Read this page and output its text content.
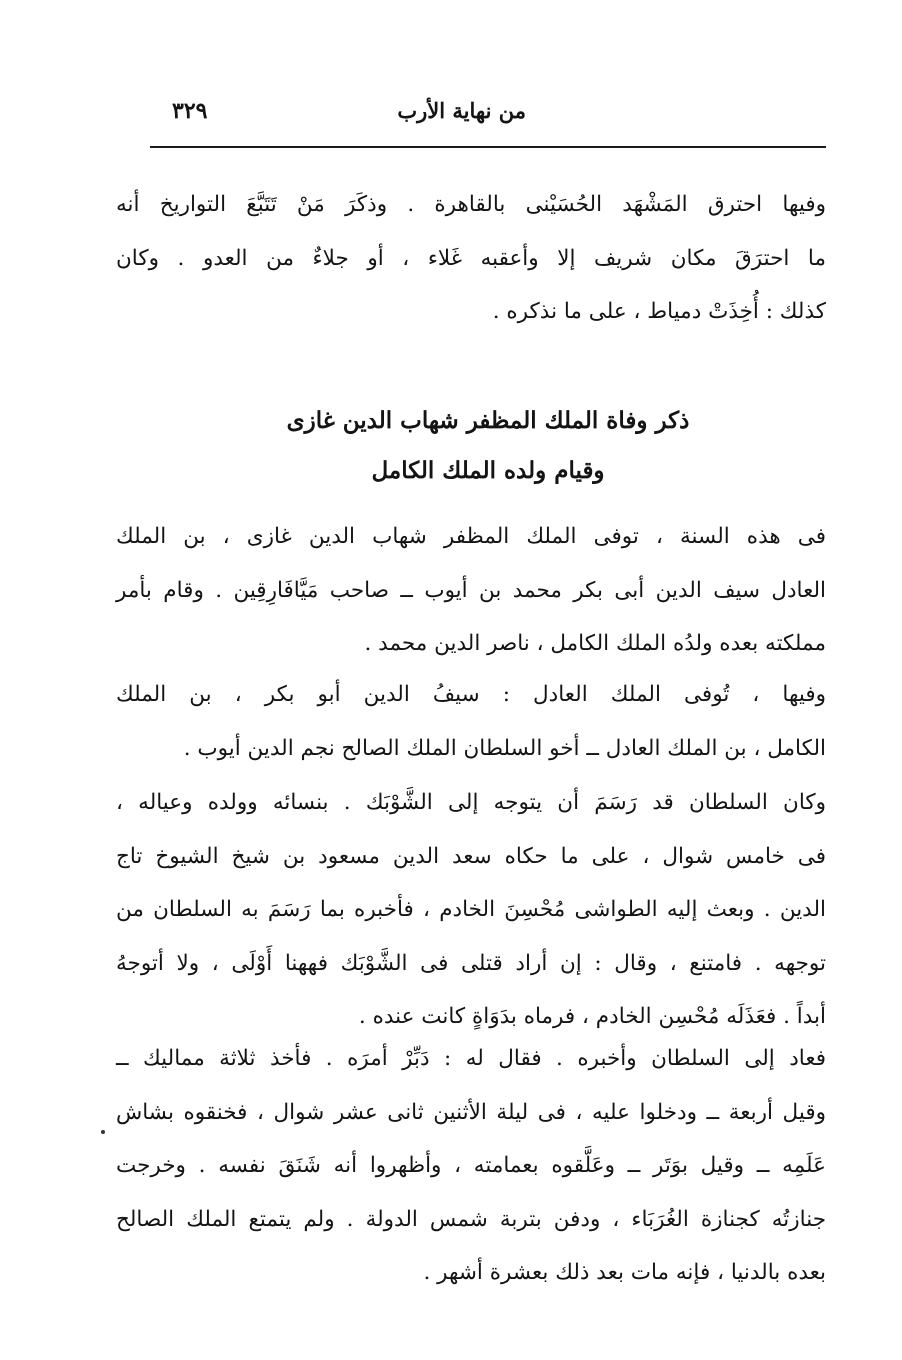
من نهاية الأرب
٣٢٩
وفيها احترق المَشْهَد الحُسَيْنى بالقاهرة . وذكَرَ مَنْ تَتَبَّعَ التواريخ أنه
ما احترَقَ مكان شريف إلا وأعقبه غَلاء ، أو جلاءٌ من العدو . وكان
كذلك : أُخِذَتْ دمياط ، على ما نذكره .
ذكر وفاة الملك المظفر شهاب الدين غازى
وقيام ولده الملك الكامل
فى هذه السنة ، توفى الملك المظفر شهاب الدين غازى ، بن الملك
العادل سيف الدين أبى بكر محمد بن أيوب ــ صاحب مَيَّافَارِقِين . وقام بأمر
مملكته بعده ولدُه الملك الكامل ، ناصر الدين محمد .
وفيها ، تُوفى الملك العادل : سيفُ الدين أبو بكر ، بن الملك
الكامل ، بن الملك العادل ــ أخو السلطان الملك الصالح نجم الدين أيوب .
وكان السلطان قد رَسَمَ أن يتوجه إلى الشَّوْبَك . بنسائه وولده وعياله ،
فى خامس شوال ، على ما حكاه سعد الدين مسعود بن شيخ الشيوخ تاج
الدين . وبعث إليه الطواشى مُحْسِنَ الخادم ، فأخبره بما رَسَمَ به السلطان من
توجهه . فامتنع ، وقال : إن أراد قتلى فى الشَّوْبَك فههنا أَوْلَى ، ولا أتوجهُ
أبداً . فعَذَلَه مُحْسِن الخادم ، فرماه بدَوَاةٍ كانت عنده .
فعاد إلى السلطان وأخبره . فقال له : دَبِّرْ أمرَه . فأخذ ثلاثة مماليك ــ
وقيل أربعة ــ ودخلوا عليه ، فى ليلة الأثنين ثانى عشر شوال ، فخنقوه بشاش
عَلَمِه ــ وقيل بوَتَر ــ وعَلَّقوه بعمامته ، وأظهروا أنه شَنَقَ نفسه . وخرجت
جنازتُه كجنازة الغُرَبَاء ، ودفن بتربة شمس الدولة . ولم يتمتع الملك الصالح
بعده بالدنيا ، فإنه مات بعد ذلك بعشرة أشهر .
